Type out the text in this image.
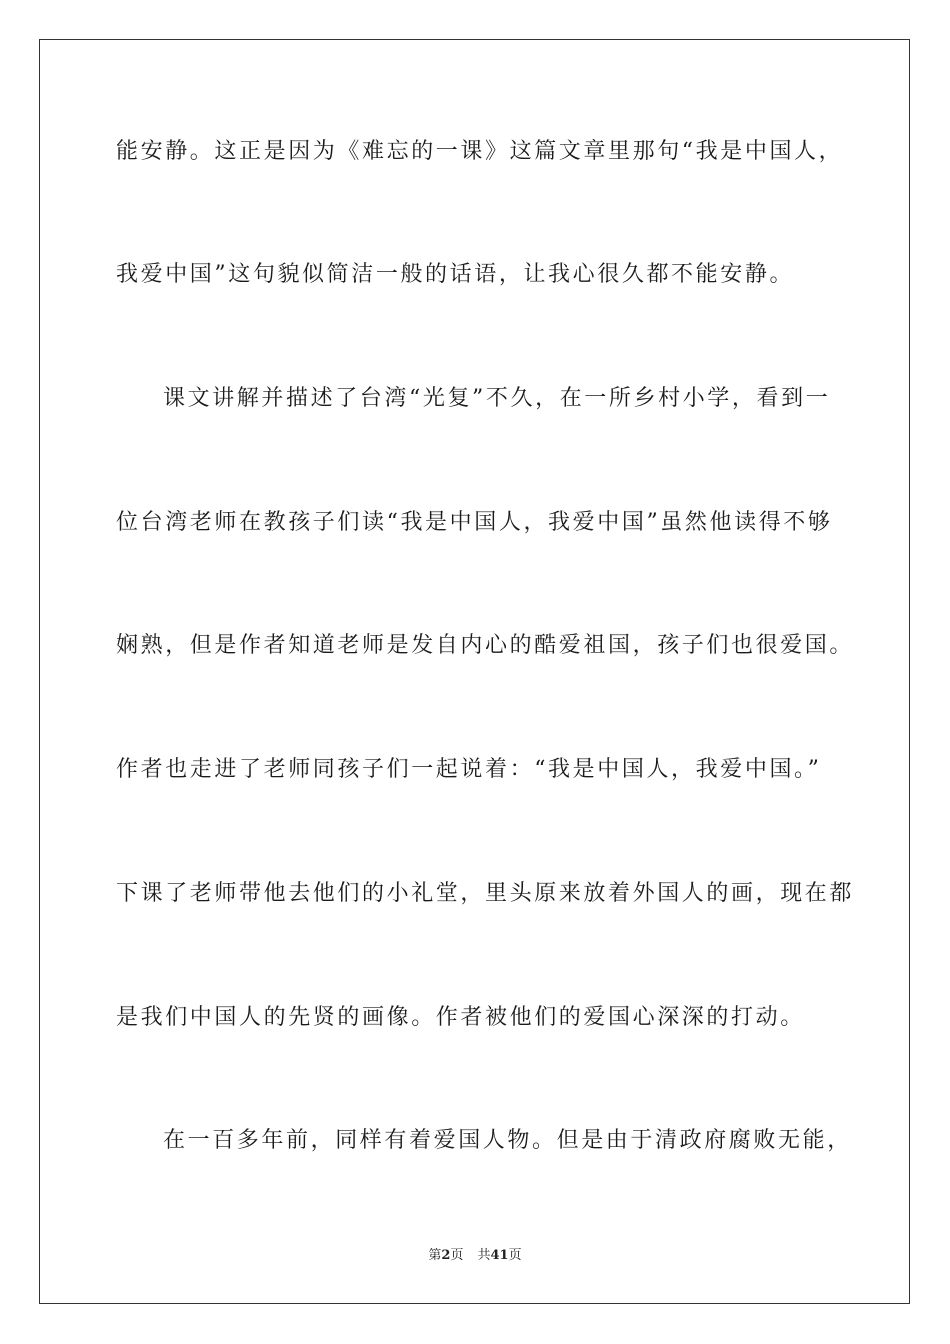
能安静。这正是因为《难忘的一课》这篇文章里那句“我是中国人，
我爱中国”这句貌似简洁一般的话语，让我心很久都不能安静。
课文讲解并描述了台湾“光复”不久，在一所乡村小学，看到一
位台湾老师在教孩子们读“我是中国人，我爱中国”虽然他读得不够
娴熟，但是作者知道老师是发自内心的酷爱祖国，孩子们也很爱国。
作者也走进了老师同孩子们一起说着：“我是中国人，我爱中国。”
下课了老师带他去他们的小礼堂，里头原来放着外国人的画，现在都
是我们中国人的先贤的画像。作者被他们的爱国心深深的打动。
在一百多年前，同样有着爱国人物。但是由于清政府腐败无能，
第2页 共41页
